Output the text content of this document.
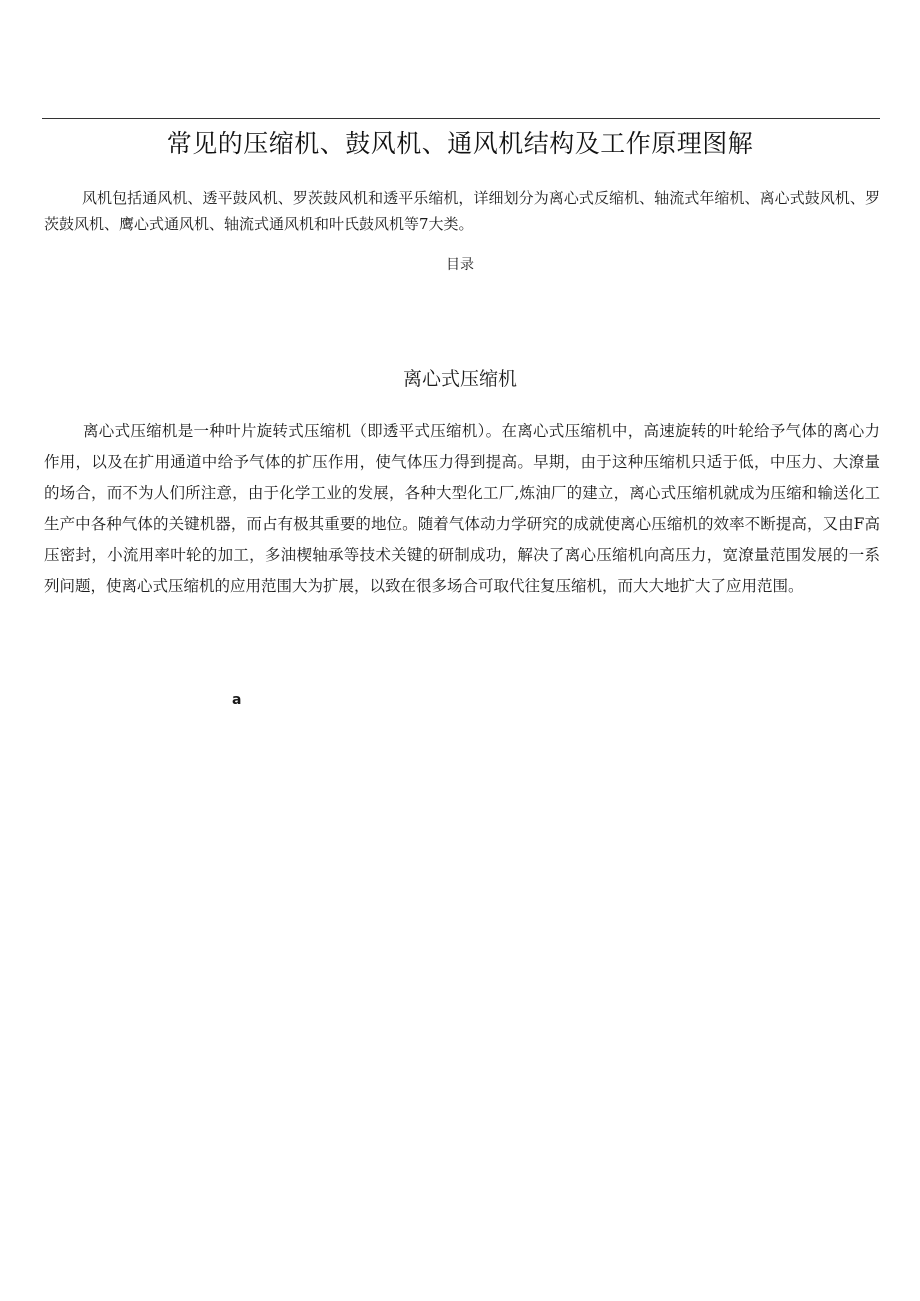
常见的压缩机、鼓风机、通风机结构及工作原理图解

风机包括通风机、透平鼓风机、罗茨鼓风机和透平乐缩机，详细划分为离心式反缩机、轴流式年缩机、离心式鼓风机、罗茨鼓风机、鹰心式通风机、轴流式通风机和叶氏鼓风机等7大类。

目录
离心式压缩机

离心式压缩机是一种叶片旋转式压缩机（即透平式压缩机）。在离心式压缩机中，高速旋转的叶轮给予气体的离心力作用，以及在扩用通道中给予气体的扩压作用，使气体压力得到提高。早期，由于这种压缩机只适于低，中压力、大潦量的场合，而不为人们所注意，由于化学工业的发展，各种大型化工厂,炼油厂的建立，离心式压缩机就成为压缩和输送化工生产中各种气体的关键机器，而占有极其重要的地位。随着气体动力学研究的成就使离心压缩机的效率不断提高，又由F高压密封，小流用率叶轮的加工，多油楔轴承等技术关键的研制成功，解决了离心压缩机向高压力，宽潦量范围发展的一系列问题，使离心式压缩机的应用范围大为扩展，以致在很多场合可取代往复压缩机，而大大地扩大了应用范围。

a
